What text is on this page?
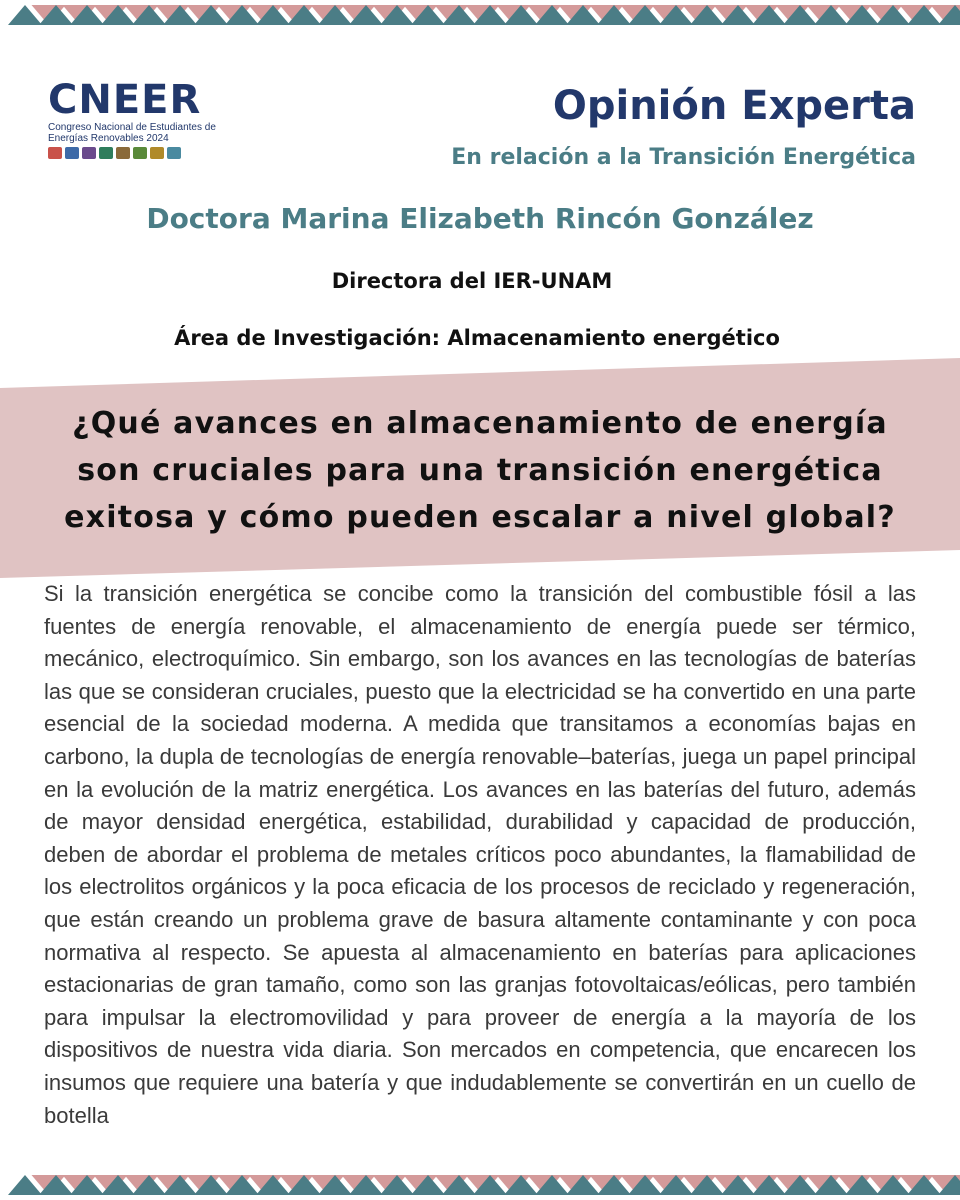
CNEER
Congreso Nacional de Estudiantes de
Energías Renovables 2024
Opinión Experta
En relación a la Transición Energética
Doctora Marina Elizabeth Rincón González
Directora del IER-UNAM
Área de Investigación: Almacenamiento energético
¿Qué avances en almacenamiento de energía son cruciales para una transición energética exitosa y cómo pueden escalar a nivel global?

Si la transición energética se concibe como la transición del combustible fósil a las fuentes de energía renovable, el almacenamiento de energía puede ser térmico, mecánico, electroquímico. Sin embargo, son los avances en las tecnologías de baterías las que se consideran cruciales, puesto que la electricidad se ha convertido en una parte esencial de la sociedad moderna. A medida que transitamos a economías bajas en carbono, la dupla de tecnologías de energía renovable–baterías, juega un papel principal en la evolución de la matriz energética. Los avances en las baterías del futuro, además de mayor densidad energética, estabilidad, durabilidad y capacidad de producción, deben de abordar el problema de metales críticos poco abundantes, la flamabilidad de los electrolitos orgánicos y la poca eficacia de los procesos de reciclado y regeneración, que están creando un problema grave de basura altamente contaminante y con poca normativa al respecto. Se apuesta al almacenamiento en baterías para aplicaciones estacionarias de gran tamaño, como son las granjas fotovoltaicas/eólicas, pero también para impulsar la electromovilidad y para proveer de energía a la mayoría de los dispositivos de nuestra vida diaria. Son mercados en competencia, que encarecen los insumos que requiere una batería y que indudablemente se convertirán en un cuello de botella
